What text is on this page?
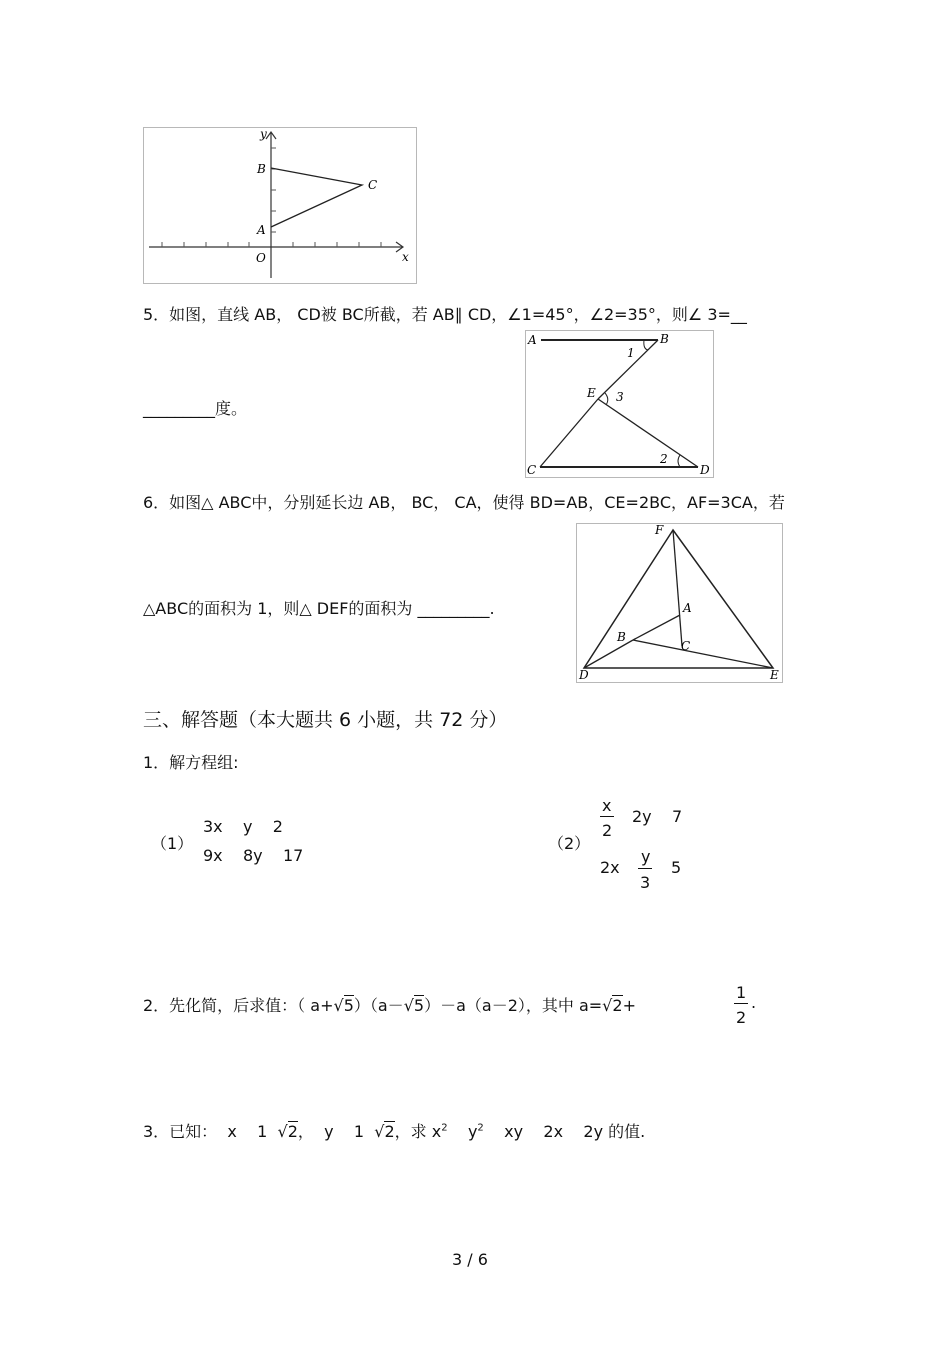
y
x
O
A
B
C
5．如图，直线 AB， CD被 BC所截，若 AB∥ CD，∠1=45°，∠2=35°，则∠ 3=__
_________度。
A	B
E
C	D
1
3
2
6．如图△ ABC中，分别延长边 AB， BC， CA，使得 BD=AB，CE=2BC，AF=3CA，若
△ABC的面积为 1，则△ DEF的面积为 _________.
F
A
B
C
D	E
三、解答题（本大题共 6 小题，共 72 分）
1．解方程组:
（1）
3x    y    2
9x    8y    17
（2）
x
2
2y    7
2x
y
3
5
2．先化简，后求值：（ a+√5）（a－√5）－a（a－2），其中 a=√2+
1
2
.
3．已知：  x    1 √2，  y    1 √2，求 $x^2$    $y^2$    xy    2x    2y 的值.
3 / 6
